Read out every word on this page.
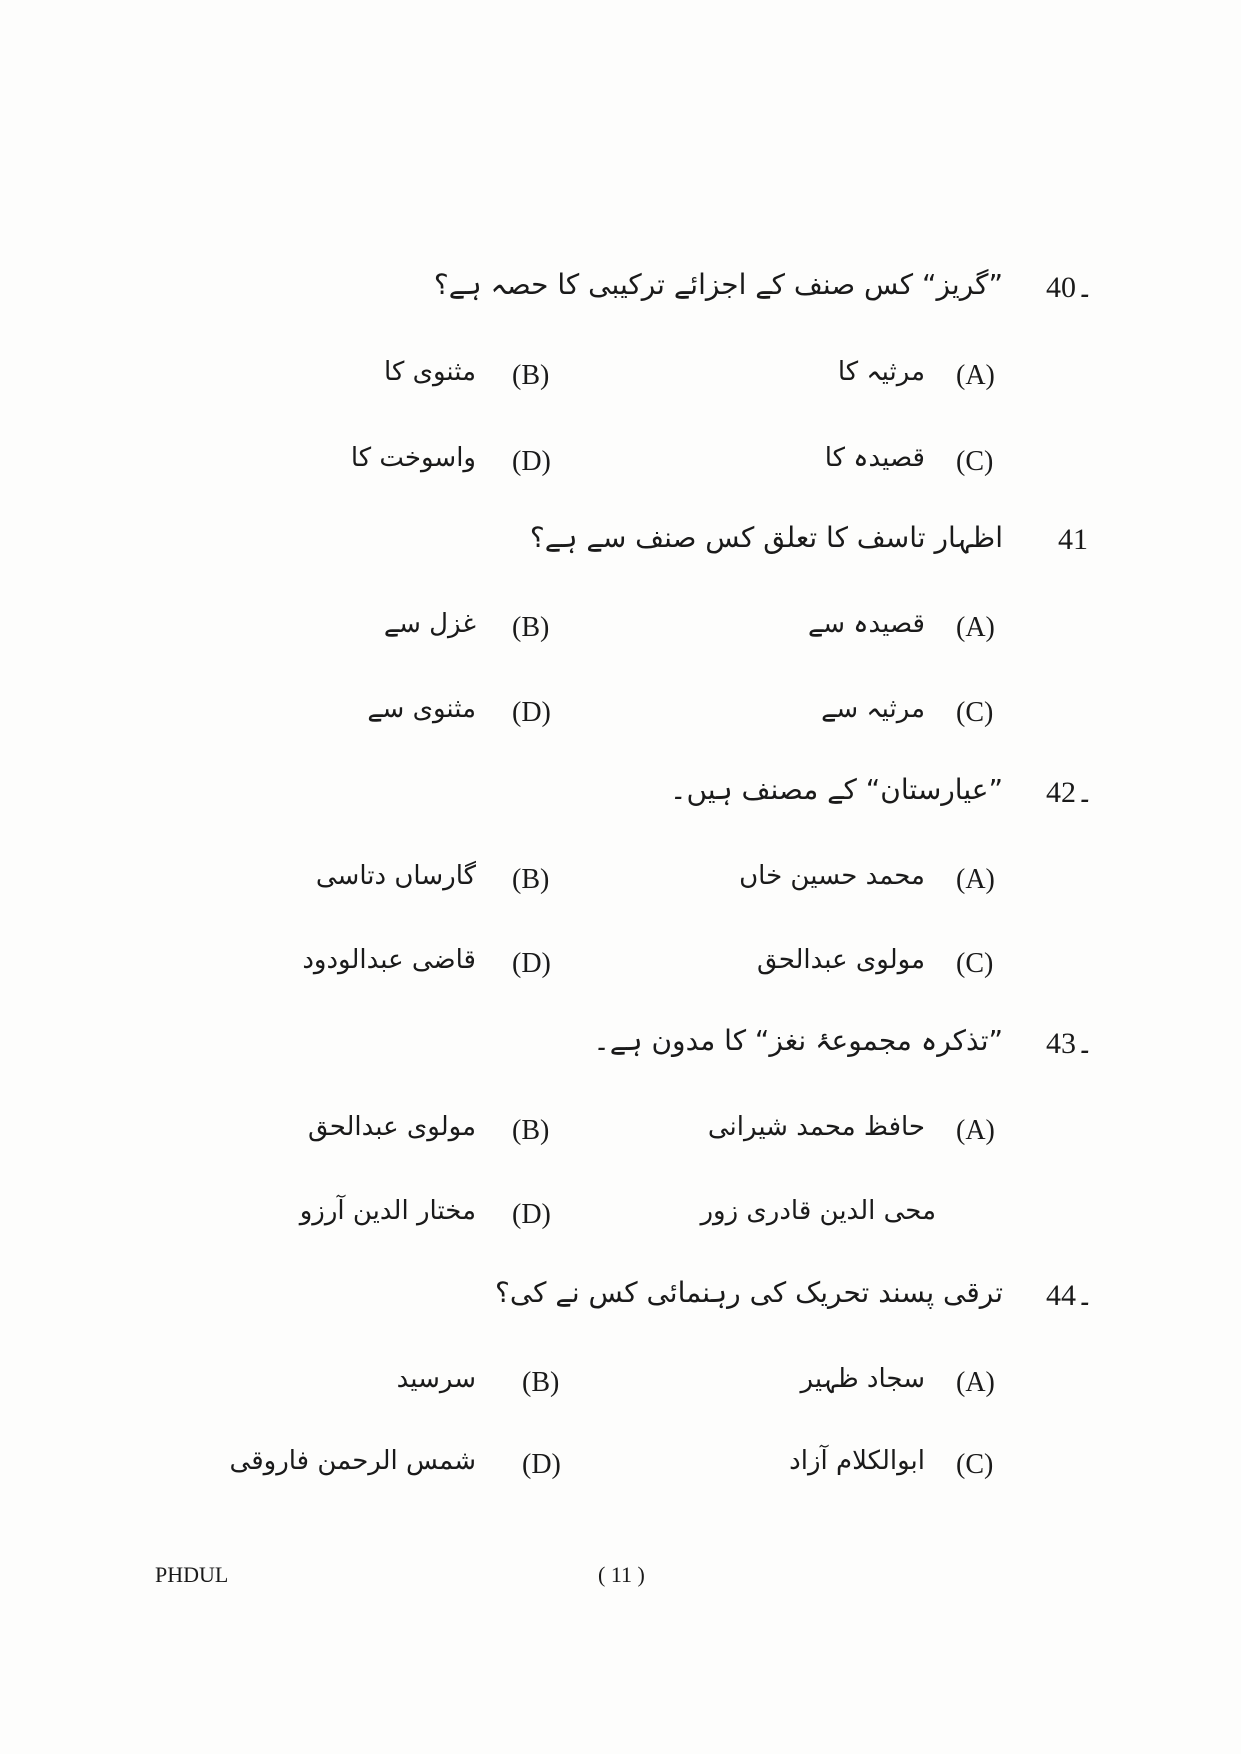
40۔
”گریز“ کس صنف کے اجزائے ترکیبی کا حصہ ہے؟
(A)
مرثیہ کا
(B)
مثنوی کا
(C)
قصیدہ کا
(D)
واسوخت کا
41
اظہار تاسف کا تعلق کس صنف سے ہے؟
(A)
قصیدہ سے
(B)
غزل سے
(C)
مرثیہ سے
(D)
مثنوی سے
42۔
”عیارستان“ کے مصنف ہیں۔
(A)
محمد حسین خاں
(B)
گارساں دتاسی
(C)
مولوی عبدالحق
(D)
قاضی عبدالودود
43۔
”تذکرہ مجموعۂ نغز“ کا مدون ہے۔
(A)
حافظ محمد شیرانی
(B)
مولوی عبدالحق
محی الدین قادری زور
(D)
مختار الدین آرزو
44۔
ترقی پسند تحریک کی رہنمائی کس نے کی؟
(A)
سجاد ظہیر
(B)
سرسید
(C)
ابوالکلام آزاد
(D)
شمس الرحمن فاروقی
PHDUL	( 11 )
